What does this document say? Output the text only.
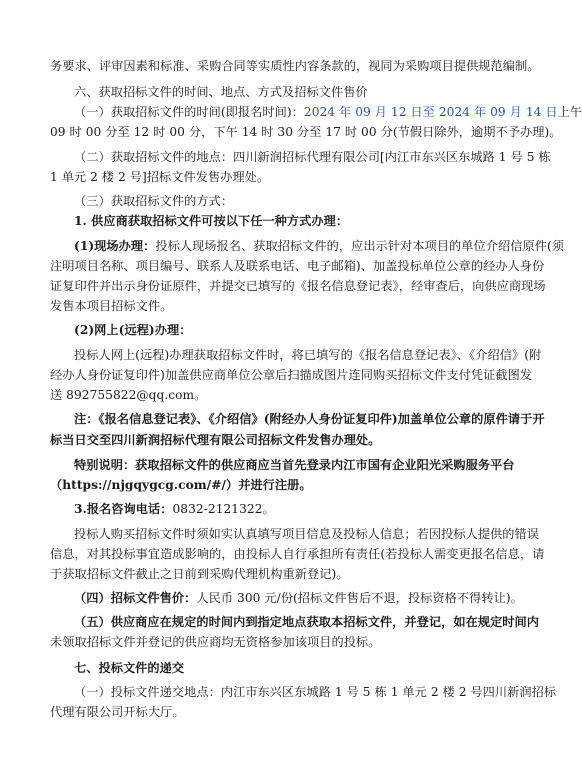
务要求、评审因素和标准、采购合同等实质性内容条款的，视同为采购项目提供规范编制。
六、获取招标文件的时间、地点、方式及招标文件售价
（一）获取招标文件的时间(即报名时间)：2024 年 09 月 12 日至 2024 年 09 月 14 日上午
09 时 00 分至 12 时 00 分，下午 14 时 30 分至 17 时 00 分(节假日除外，逾期不予办理)。
（二）获取招标文件的地点：四川新润招标代理有限公司[内江市东兴区东城路 1 号 5 栋
1 单元 2 楼 2 号]招标文件发售办理处。
（三）获取招标文件的方式：
1. 供应商获取招标文件可按以下任一种方式办理：
(1)现场办理：投标人现场报名、获取招标文件的，应出示针对本项目的单位介绍信原件(须
注明项目名称、项目编号、联系人及联系电话、电子邮箱)、加盖投标单位公章的经办人身份
证复印件并出示身份证原件，并提交已填写的《报名信息登记表》，经审查后，向供应商现场
发售本项目招标文件。
(2)网上(远程)办理：
投标人网上(远程)办理获取招标文件时，将已填写的《报名信息登记表》、《介绍信》(附
经办人身份证复印件)加盖供应商单位公章后扫描成图片连同购买招标文件支付凭证截图发
送 892755822@qq.com。
注：《报名信息登记表》、《介绍信》(附经办人身份证复印件)加盖单位公章的原件请于开
标当日交至四川新润招标代理有限公司招标文件发售办理处。
特别说明：获取招标文件的供应商应当首先登录内江市国有企业阳光采购服务平台
（https://njgqygcg.com/#/）并进行注册。
3.报名咨询电话：0832-2121322。
投标人购买招标文件时须如实认真填写项目信息及投标人信息；若因投标人提供的错误
信息，对其投标事宜造成影响的，由投标人自行承担所有责任(若投标人需变更报名信息，请
于获取招标文件截止之日前到采购代理机构重新登记)。
（四）招标文件售价：人民币 300 元/份(招标文件售后不退，投标资格不得转让)。
（五）供应商应在规定的时间内到指定地点获取本招标文件，并登记，如在规定时间内
未领取招标文件并登记的供应商均无资格参加该项目的投标。
七、投标文件的递交
（一）投标文件递交地点：内江市东兴区东城路 1 号 5 栋 1 单元 2 楼 2 号四川新润招标
代理有限公司开标大厅。
